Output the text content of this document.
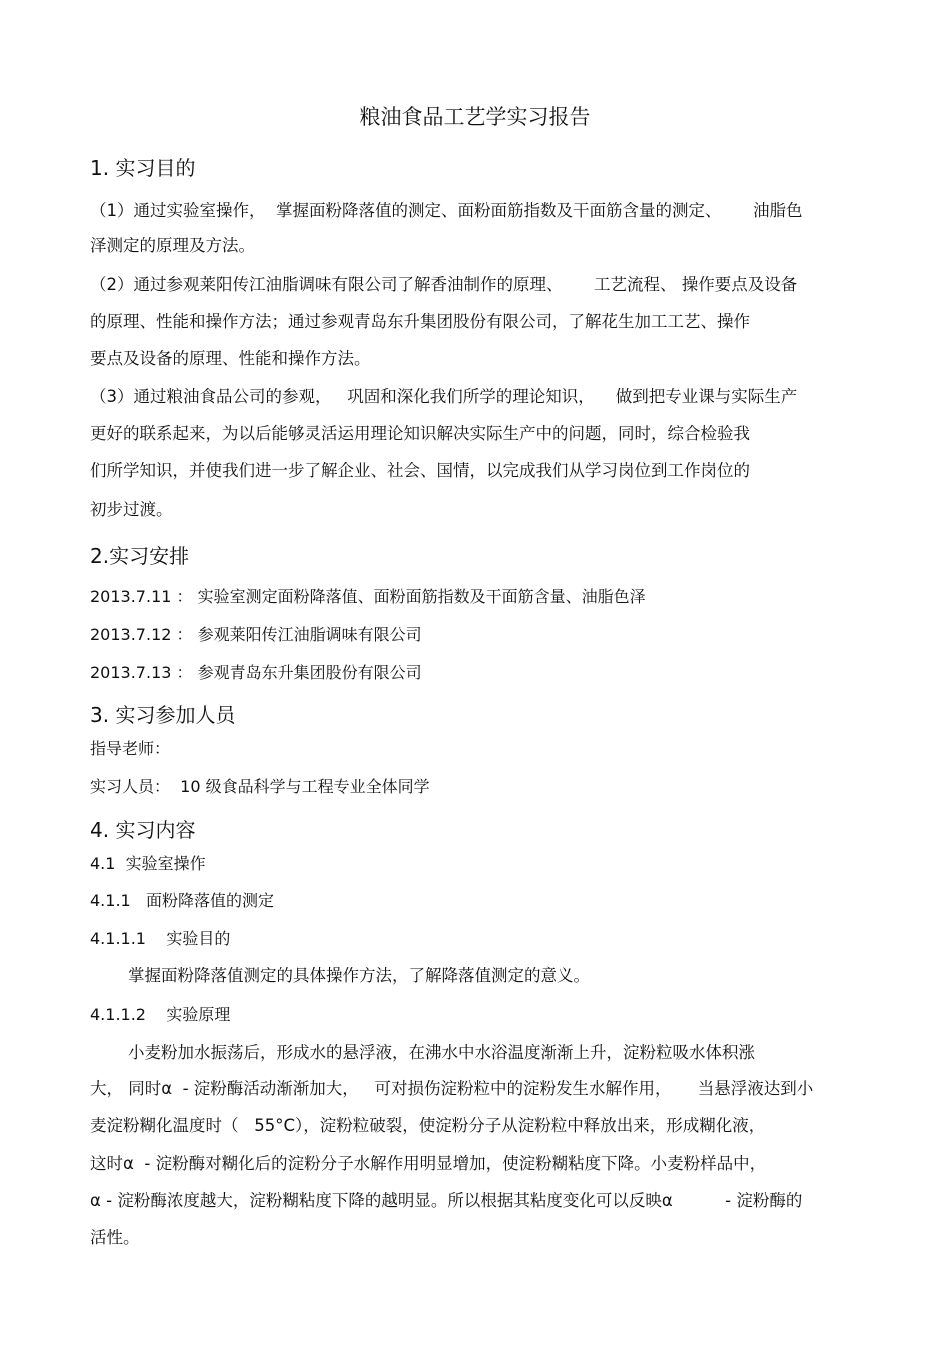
粮油食品工艺学实习报告
1. 实习目的
（1）通过实验室操作，  掌握面粉降落值的测定、面粉面筋指数及干面筋含量的测定、      油脂色
泽测定的原理及方法。
（2）通过参观莱阳传江油脂调味有限公司了解香油制作的原理、      工艺流程、 操作要点及设备
的原理、性能和操作方法；通过参观青岛东升集团股份有限公司，了解花生加工工艺、操作
要点及设备的原理、性能和操作方法。
（3）通过粮油食品公司的参观，   巩固和深化我们所学的理论知识，    做到把专业课与实际生产
更好的联系起来，为以后能够灵活运用理论知识解决实际生产中的问题，同时，综合检验我
们所学知识，并使我们进一步了解企业、社会、国情，以完成我们从学习岗位到工作岗位的
初步过渡。
2.实习安排
2013.7.11 ： 实验室测定面粉降落值、面粉面筋指数及干面筋含量、油脂色泽
2013.7.12 ： 参观莱阳传江油脂调味有限公司
2013.7.13 ： 参观青岛东升集团股份有限公司
3. 实习参加人员
指导老师：
实习人员：  10 级食品科学与工程专业全体同学
4. 实习内容
4.1  实验室操作
4.1.1   面粉降落值的测定
4.1.1.1    实验目的
掌握面粉降落值测定的具体操作方法，了解降落值测定的意义。
4.1.1.2    实验原理
小麦粉加水振荡后，形成水的悬浮液，在沸水中水浴温度渐渐上升，淀粉粒吸水体积涨
大， 同时α  - 淀粉酶活动渐渐加大，   可对损伤淀粉粒中的淀粉发生水解作用，     当悬浮液达到小
麦淀粉糊化温度时（   55°C），淀粉粒破裂，使淀粉分子从淀粉粒中释放出来，形成糊化液，
这时α  - 淀粉酶对糊化后的淀粉分子水解作用明显增加，使淀粉糊粘度下降。小麦粉样品中，
α - 淀粉酶浓度越大，淀粉糊粘度下降的越明显。所以根据其粘度变化可以反映α          - 淀粉酶的
活性。
